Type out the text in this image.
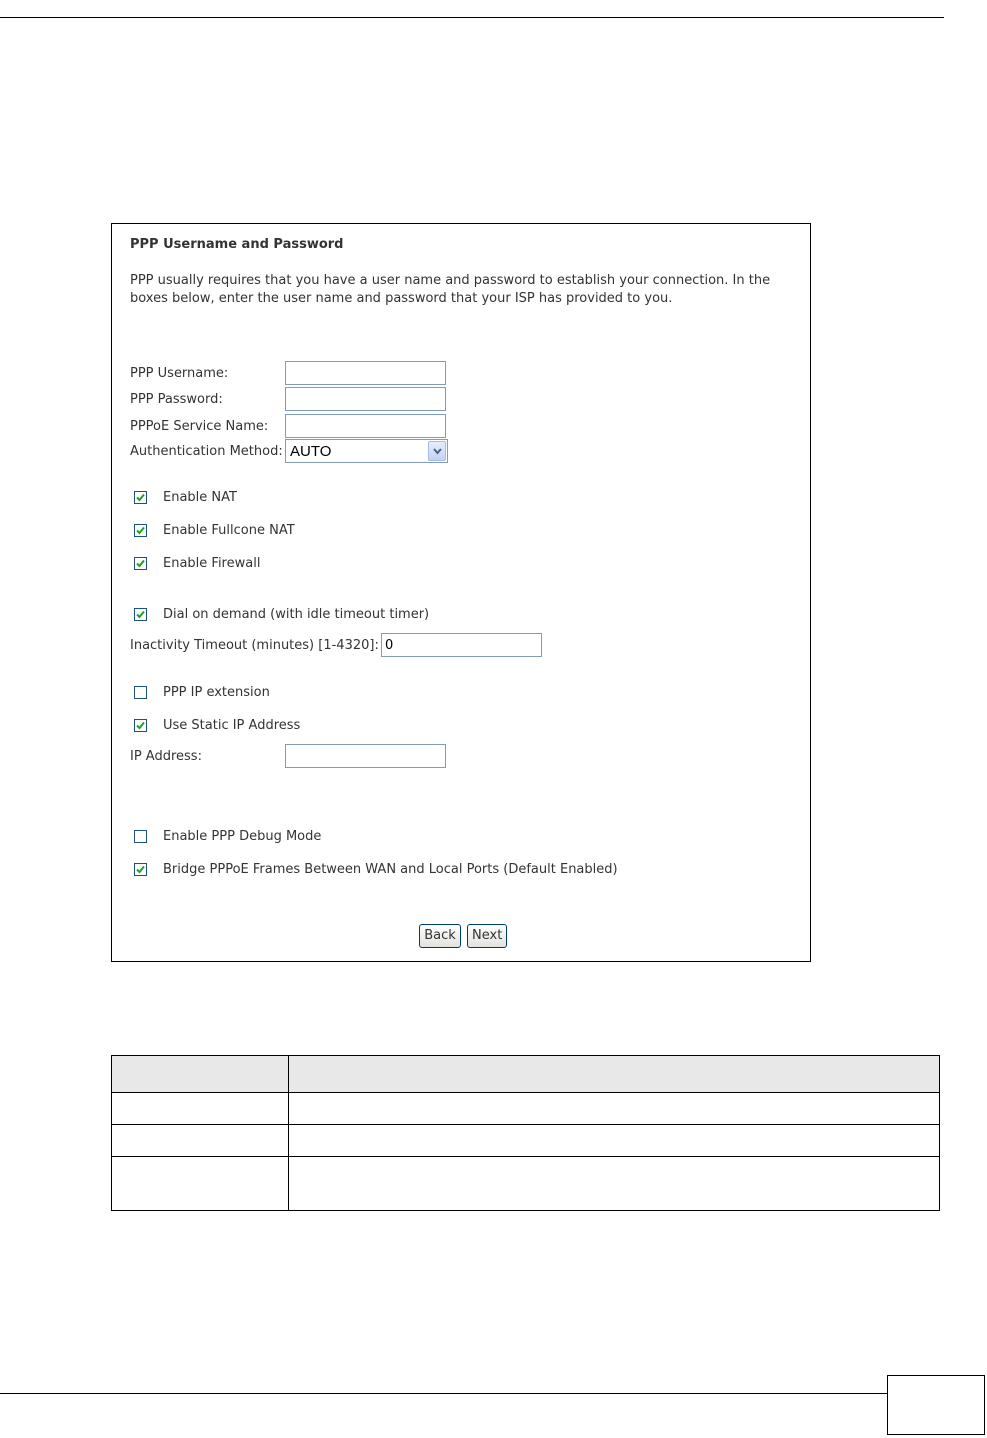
PPP Username and Password
PPP usually requires that you have a user name and password to establish your connection. In the boxes below, enter the user name and password that your ISP has provided to you.
PPP Username:
PPP Password:
PPPoE Service Name:
Authentication Method: AUTO
Enable NAT
Enable Fullcone NAT
Enable Firewall
Dial on demand (with idle timeout timer)
Inactivity Timeout (minutes) [1-4320]:
0
PPP IP extension
Use Static IP Address
IP Address:
Enable PPP Debug Mode
Bridge PPPoE Frames Between WAN and Local Ports (Default Enabled)
Back	Next
